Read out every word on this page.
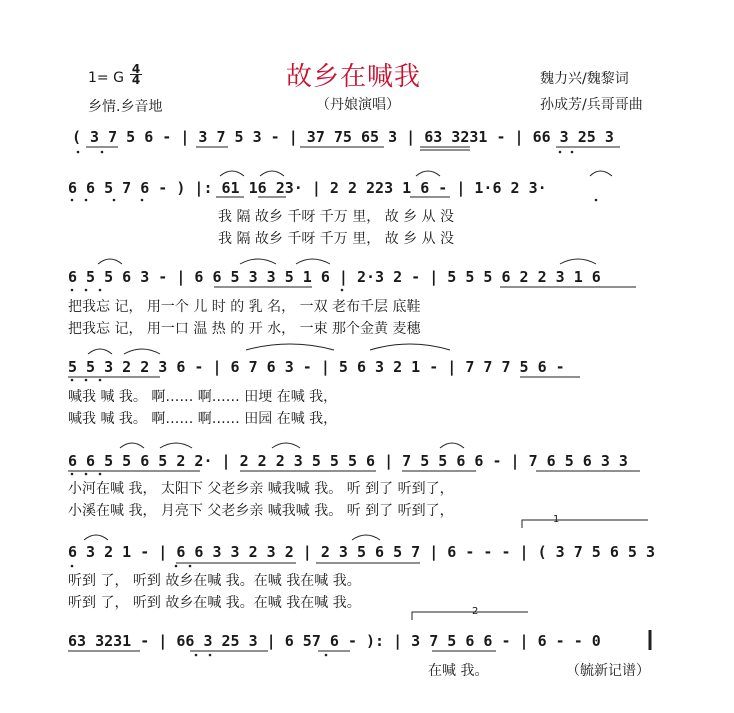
1= G $\frac{4}{4}$	故乡在喊我	魏力兴/魏黎词
乡情.乡音地	（丹娘演唱）	孙成芳/兵哥哥曲
( 3 7 5 6 - | 3 7 5 3 - | 37 75 65 3 | 63 3231 - | 66 3 25 3
6 6 5 7 6 - ) |: 61 16 23· | 2 2 223 1 6 - | 1·6 2 3·
我 隔 故乡 千呀 千万 里， 故 乡 从 没
我 隔 故乡 千呀 千万 里， 故 乡 从 没
6 5 5 6 3 - | 6 6 5 3 3 5 1 6 | 2·3 2 - | 5 5 5 6 2 2 3 1 6
把我忘 记， 用一个 儿 时 的 乳 名， 一双 老布千层 底鞋
把我忘 记， 用一口 温 热 的 开 水， 一束 那个金黄 麦穗
5 5 3 2 2 3 6 - | 6 7 6 3 - | 5 6 3 2 1 - | 7 7 7 5 6 -
喊我 喊 我。 啊…… 啊…… 田埂 在喊 我，
喊我 喊 我。 啊…… 啊…… 田园 在喊 我，
6 6 5 5 6 5 2 2· | 2 2 2 3 5 5 5 6 | 7 5 5 6 6 - | 7 6 5 6 3 3
小河在喊 我， 太阳下 父老乡亲 喊我喊 我。 听 到了 听到了，
小溪在喊 我， 月亮下 父老乡亲 喊我喊 我。 听 到了 听到了，
1
6 3 2 1 - | 6 6 3 3 2 3 2 | 2 3 5 6 5 7 | 6 - - - | ( 3 7 5 6 5 3
听到 了， 听到 故乡在喊 我。在喊 我在喊 我。
听到 了， 听到 故乡在喊 我。在喊 我在喊 我。
2
63 3231 - | 66 3 25 3 | 6 57 6 - ): | 3 7 5 6 6 - | 6 - - 0
在喊 我。	（毓新记谱）
